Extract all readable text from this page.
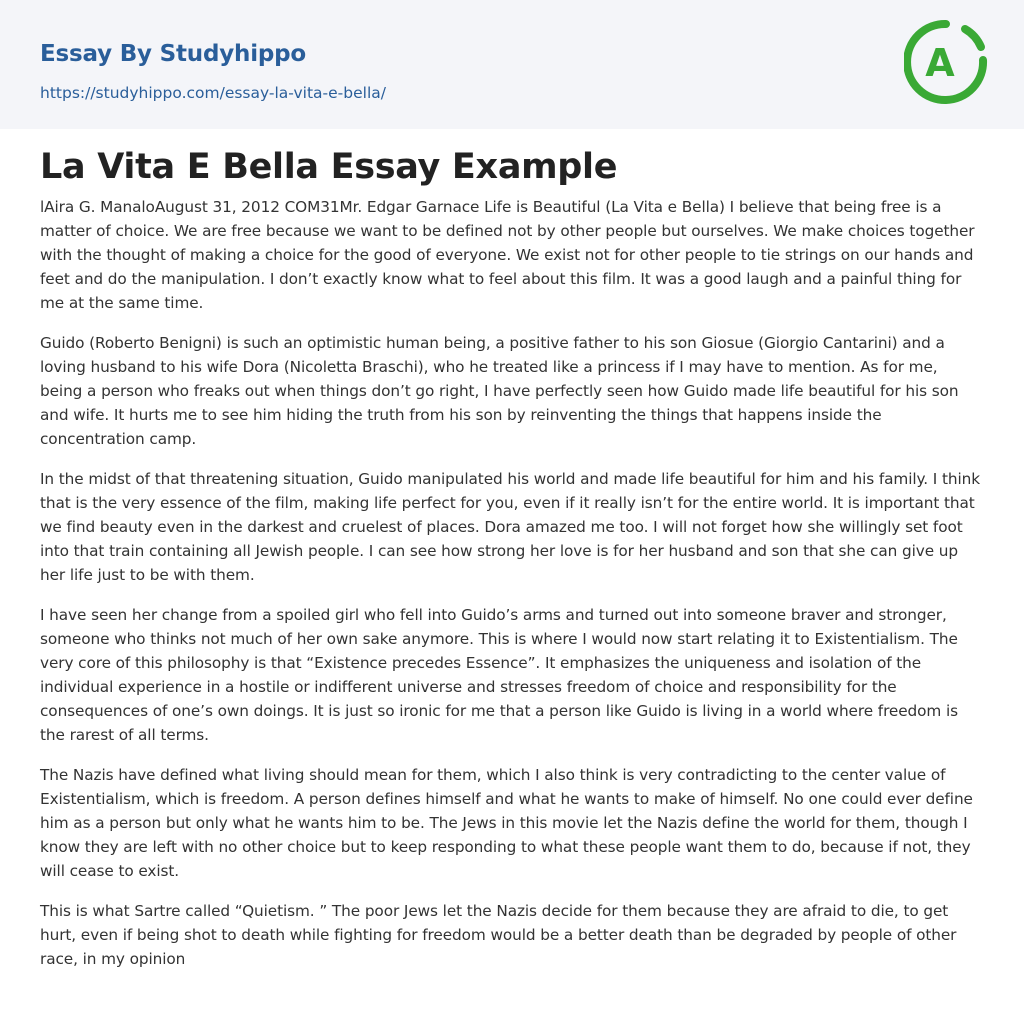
Essay By Studyhippo
https://studyhippo.com/essay-la-vita-e-bella/
A
La Vita E Bella Essay Example

lAira G. ManaloAugust 31, 2012 COM31Mr. Edgar Garnace Life is Beautiful (La Vita e Bella) I believe that being free is a matter of choice. We are free because we want to be defined not by other people but ourselves. We make choices together with the thought of making a choice for the good of everyone. We exist not for other people to tie strings on our hands and feet and do the manipulation. I don’t exactly know what to feel about this film. It was a good laugh and a painful thing for me at the same time.

Guido (Roberto Benigni) is such an optimistic human being, a positive father to his son Giosue (Giorgio Cantarini) and a loving husband to his wife Dora (Nicoletta Braschi), who he treated like a princess if I may have to mention. As for me, being a person who freaks out when things don’t go right, I have perfectly seen how Guido made life beautiful for his son and wife. It hurts me to see him hiding the truth from his son by reinventing the things that happens inside the concentration camp.

In the midst of that threatening situation, Guido manipulated his world and made life beautiful for him and his family. I think that is the very essence of the film, making life perfect for you, even if it really isn’t for the entire world. It is important that we find beauty even in the darkest and cruelest of places. Dora amazed me too. I will not forget how she willingly set foot into that train containing all Jewish people. I can see how strong her love is for her husband and son that she can give up her life just to be with them.

I have seen her change from a spoiled girl who fell into Guido’s arms and turned out into someone braver and stronger, someone who thinks not much of her own sake anymore. This is where I would now start relating it to Existentialism. The very core of this philosophy is that “Existence precedes Essence”. It emphasizes the uniqueness and isolation of the individual experience in a hostile or indifferent universe and stresses freedom of choice and responsibility for the consequences of one’s own doings. It is just so ironic for me that a person like Guido is living in a world where freedom is the rarest of all terms.

The Nazis have defined what living should mean for them, which I also think is very contradicting to the center value of Existentialism, which is freedom. A person defines himself and what he wants to make of himself. No one could ever define him as a person but only what he wants him to be. The Jews in this movie let the Nazis define the world for them, though I know they are left with no other choice but to keep responding to what these people want them to do, because if not, they will cease to exist.

This is what Sartre called “Quietism. ” The poor Jews let the Nazis decide for them because they are afraid to die, to get hurt, even if being shot to death while fighting for freedom would be a better death than be degraded by people of other race, in my opinion
